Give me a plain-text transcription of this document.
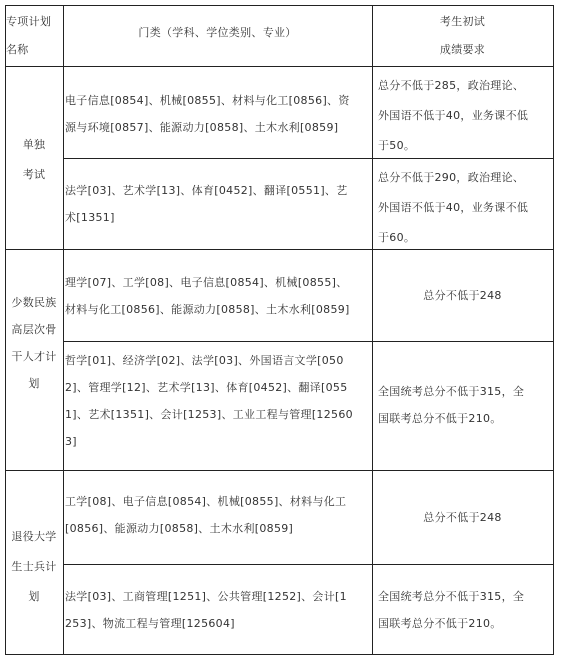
专项计划
名称
门类（学科、学位类别、专业）
考生初试
成绩要求
单独
考试
电子信息[0854]、机械[0855]、材料与化工[0856]、资
源与环境[0857]、能源动力[0858]、土木水利[0859]
总分不低于285，政治理论、
外国语不低于40，业务课不低
于50。
法学[03]、艺术学[13]、体育[0452]、翻译[0551]、艺
术[1351]
总分不低于290，政治理论、
外国语不低于40，业务课不低
于60。
少数民族
高层次骨
干人才计
划
理学[07]、工学[08]、电子信息[0854]、机械[0855]、
材料与化工[0856]、能源动力[0858]、土木水利[0859]
总分不低于248
哲学[01]、经济学[02]、法学[03]、外国语言文学[050
2]、管理学[12]、艺术学[13]、体育[0452]、翻译[055
1]、艺术[1351]、会计[1253]、工业工程与管理[12560
3]
全国统考总分不低于315，全
国联考总分不低于210。
退役大学
生士兵计
划
工学[08]、电子信息[0854]、机械[0855]、材料与化工
[0856]、能源动力[0858]、土木水利[0859]
总分不低于248
法学[03]、工商管理[1251]、公共管理[1252]、会计[1
253]、物流工程与管理[125604]
全国统考总分不低于315，全
国联考总分不低于210。
